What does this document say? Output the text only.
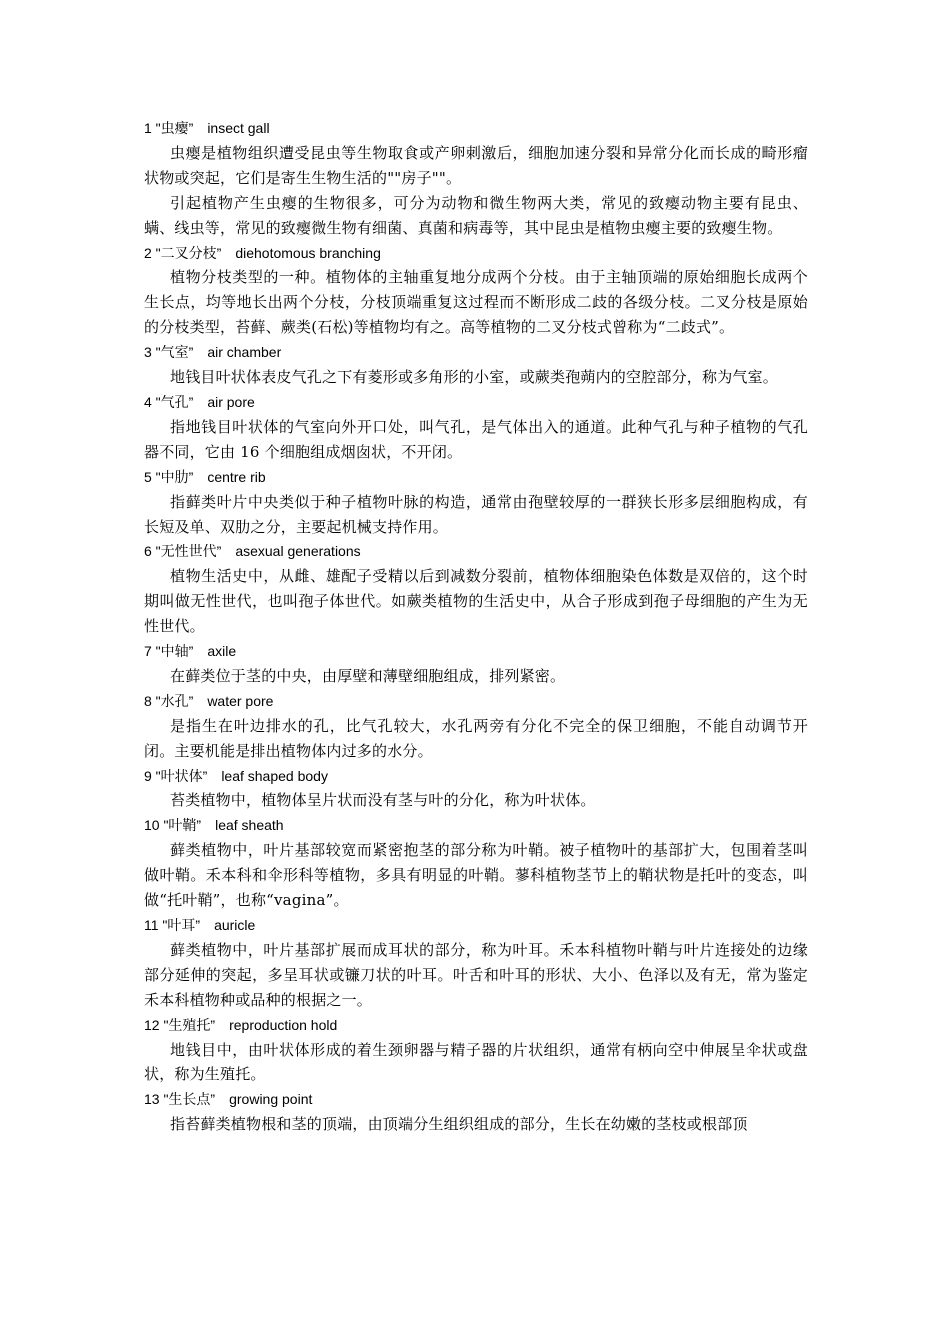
1 "虫瘿” insect gall

虫瘿是植物组织遭受昆虫等生物取食或产卵刺激后，细胞加速分裂和异常分化而长成的畸形瘤状物或突起，它们是寄生生物生活的""房子""。

引起植物产生虫瘿的生物很多，可分为动物和微生物两大类，常见的致瘿动物主要有昆虫、螨、线虫等，常见的致瘿微生物有细菌、真菌和病毒等，其中昆虫是植物虫瘿主要的致瘿生物。

2 "二叉分枝” diehotomous branching

植物分枝类型的一种。植物体的主轴重复地分成两个分枝。由于主轴顶端的原始细胞长成两个生长点，均等地长出两个分枝，分枝顶端重复这过程而不断形成二歧的各级分枝。二叉分枝是原始的分枝类型，苔藓、蕨类(石松)等植物均有之。高等植物的二叉分枝式曾称为“二歧式”。

3 "气室” air chamber

地钱目叶状体表皮气孔之下有菱形或多角形的小室，或蕨类孢蒴内的空腔部分，称为气室。

4 "气孔” air pore

指地钱目叶状体的气室向外开口处，叫气孔，是气体出入的通道。此种气孔与种子植物的气孔器不同，它由 16 个细胞组成烟囱状，不开闭。

5 "中肋” centre rib

指藓类叶片中央类似于种子植物叶脉的构造，通常由孢壁较厚的一群狭长形多层细胞构成，有长短及单、双肋之分，主要起机械支持作用。

6 "无性世代” asexual generations

植物生活史中，从雌、雄配子受精以后到减数分裂前，植物体细胞染色体数是双倍的，这个时期叫做无性世代，也叫孢子体世代。如蕨类植物的生活史中，从合子形成到孢子母细胞的产生为无性世代。

7 "中轴” axile

在藓类位于茎的中央，由厚壁和薄壁细胞组成，排列紧密。

8 "水孔” water pore

是指生在叶边排水的孔，比气孔较大，水孔两旁有分化不完全的保卫细胞，不能自动调节开闭。主要机能是排出植物体内过多的水分。

9 "叶状体” leaf shaped body

苔类植物中，植物体呈片状而没有茎与叶的分化，称为叶状体。

10 "叶鞘” leaf sheath

藓类植物中，叶片基部较宽而紧密抱茎的部分称为叶鞘。被子植物叶的基部扩大，包围着茎叫做叶鞘。禾本科和伞形科等植物，多具有明显的叶鞘。蓼科植物茎节上的鞘状物是托叶的变态，叫做“托叶鞘”，也称“vagina”。

11 "叶耳” auricle

藓类植物中，叶片基部扩展而成耳状的部分，称为叶耳。禾本科植物叶鞘与叶片连接处的边缘部分延伸的突起，多呈耳状或镰刀状的叶耳。叶舌和叶耳的形状、大小、色泽以及有无，常为鉴定禾本科植物种或品种的根据之一。

12 "生殖托” reproduction hold

地钱目中，由叶状体形成的着生颈卵器与精子器的片状组织，通常有柄向空中伸展呈伞状或盘状，称为生殖托。

13 "生长点” growing point

指苔藓类植物根和茎的顶端，由顶端分生组织组成的部分，生长在幼嫩的茎枝或根部顶
